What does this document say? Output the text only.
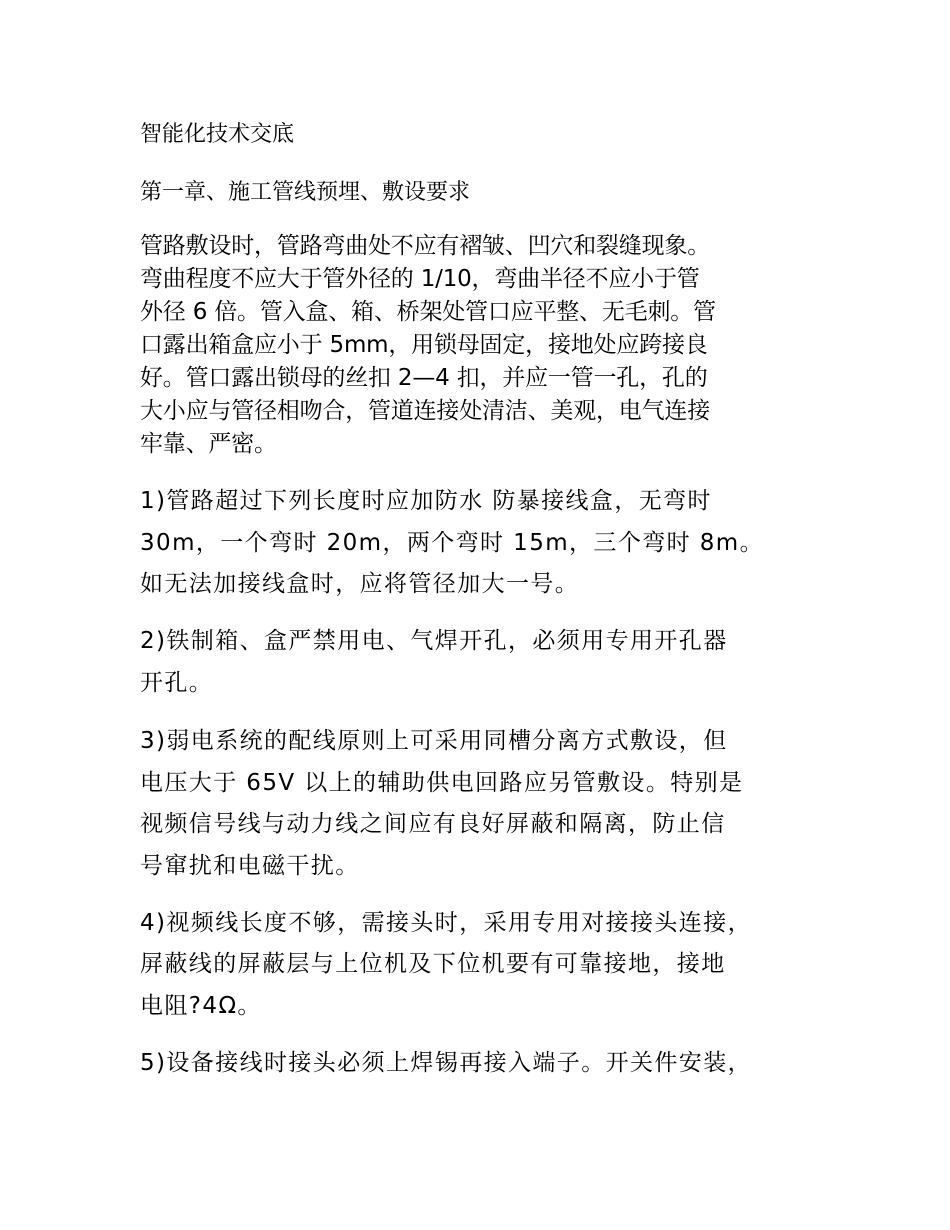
智能化技术交底
第一章、施工管线预埋、敷设要求
管路敷设时，管路弯曲处不应有褶皱、凹穴和裂缝现象。
弯曲程度不应大于管外径的 1/10，弯曲半径不应小于管
外径 6 倍。管入盒、箱、桥架处管口应平整、无毛刺。管
口露出箱盒应小于 5mm，用锁母固定，接地处应跨接良
好。管口露出锁母的丝扣 2—4 扣，并应一管一孔，孔的
大小应与管径相吻合，管道连接处清洁、美观，电气连接
牢靠、严密。
1)管路超过下列长度时应加防水 防暴接线盒，无弯时
30m，一个弯时 20m，两个弯时 15m，三个弯时 8m。
如无法加接线盒时，应将管径加大一号。
2)铁制箱、盒严禁用电、气焊开孔，必须用专用开孔器
开孔。
3)弱电系统的配线原则上可采用同槽分离方式敷设，但
电压大于 65V 以上的辅助供电回路应另管敷设。特别是
视频信号线与动力线之间应有良好屏蔽和隔离，防止信
号窜扰和电磁干扰。
4)视频线长度不够，需接头时，采用专用对接接头连接，
屏蔽线的屏蔽层与上位机及下位机要有可靠接地，接地
电阻?4Ω。
5)设备接线时接头必须上焊锡再接入端子。开关件安装，
